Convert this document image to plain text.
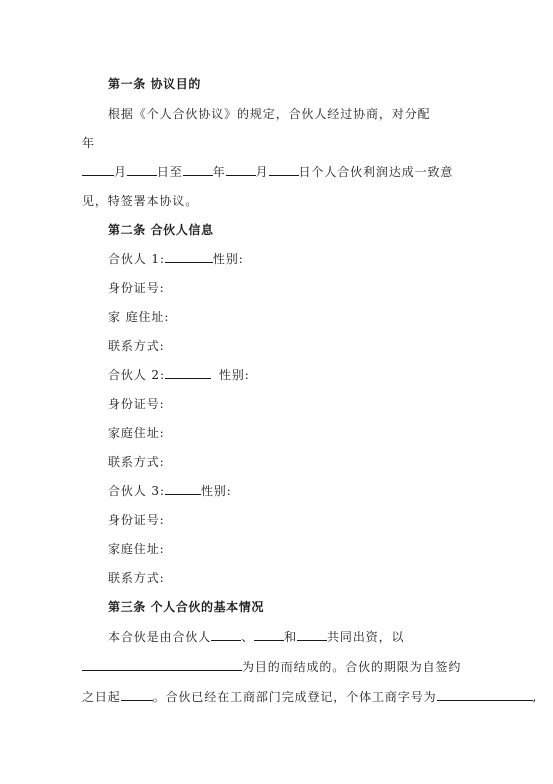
第一条 协议目的
根据《个人合伙协议》的规定，合伙人经过协商，对分配
年
月	日至	年	月	日个人合伙利润达成一致意
见，特签署本协议。
第二条 合伙人信息
合伙人 1:	性别:
身份证号:
家 庭住址:
联系方式:
合伙人 2:	性别:
身份证号:
家庭住址:
联系方式:
合伙人 3:	性别:
身份证号:
家庭住址:
联系方式:
第三条 个人合伙的基本情况
本合伙是由合伙人	、	和	共同出资，以
为目的而结成的。合伙的期限为自签约
之日起	。合伙已经在工商部门完成登记，个体工商字号为	,
